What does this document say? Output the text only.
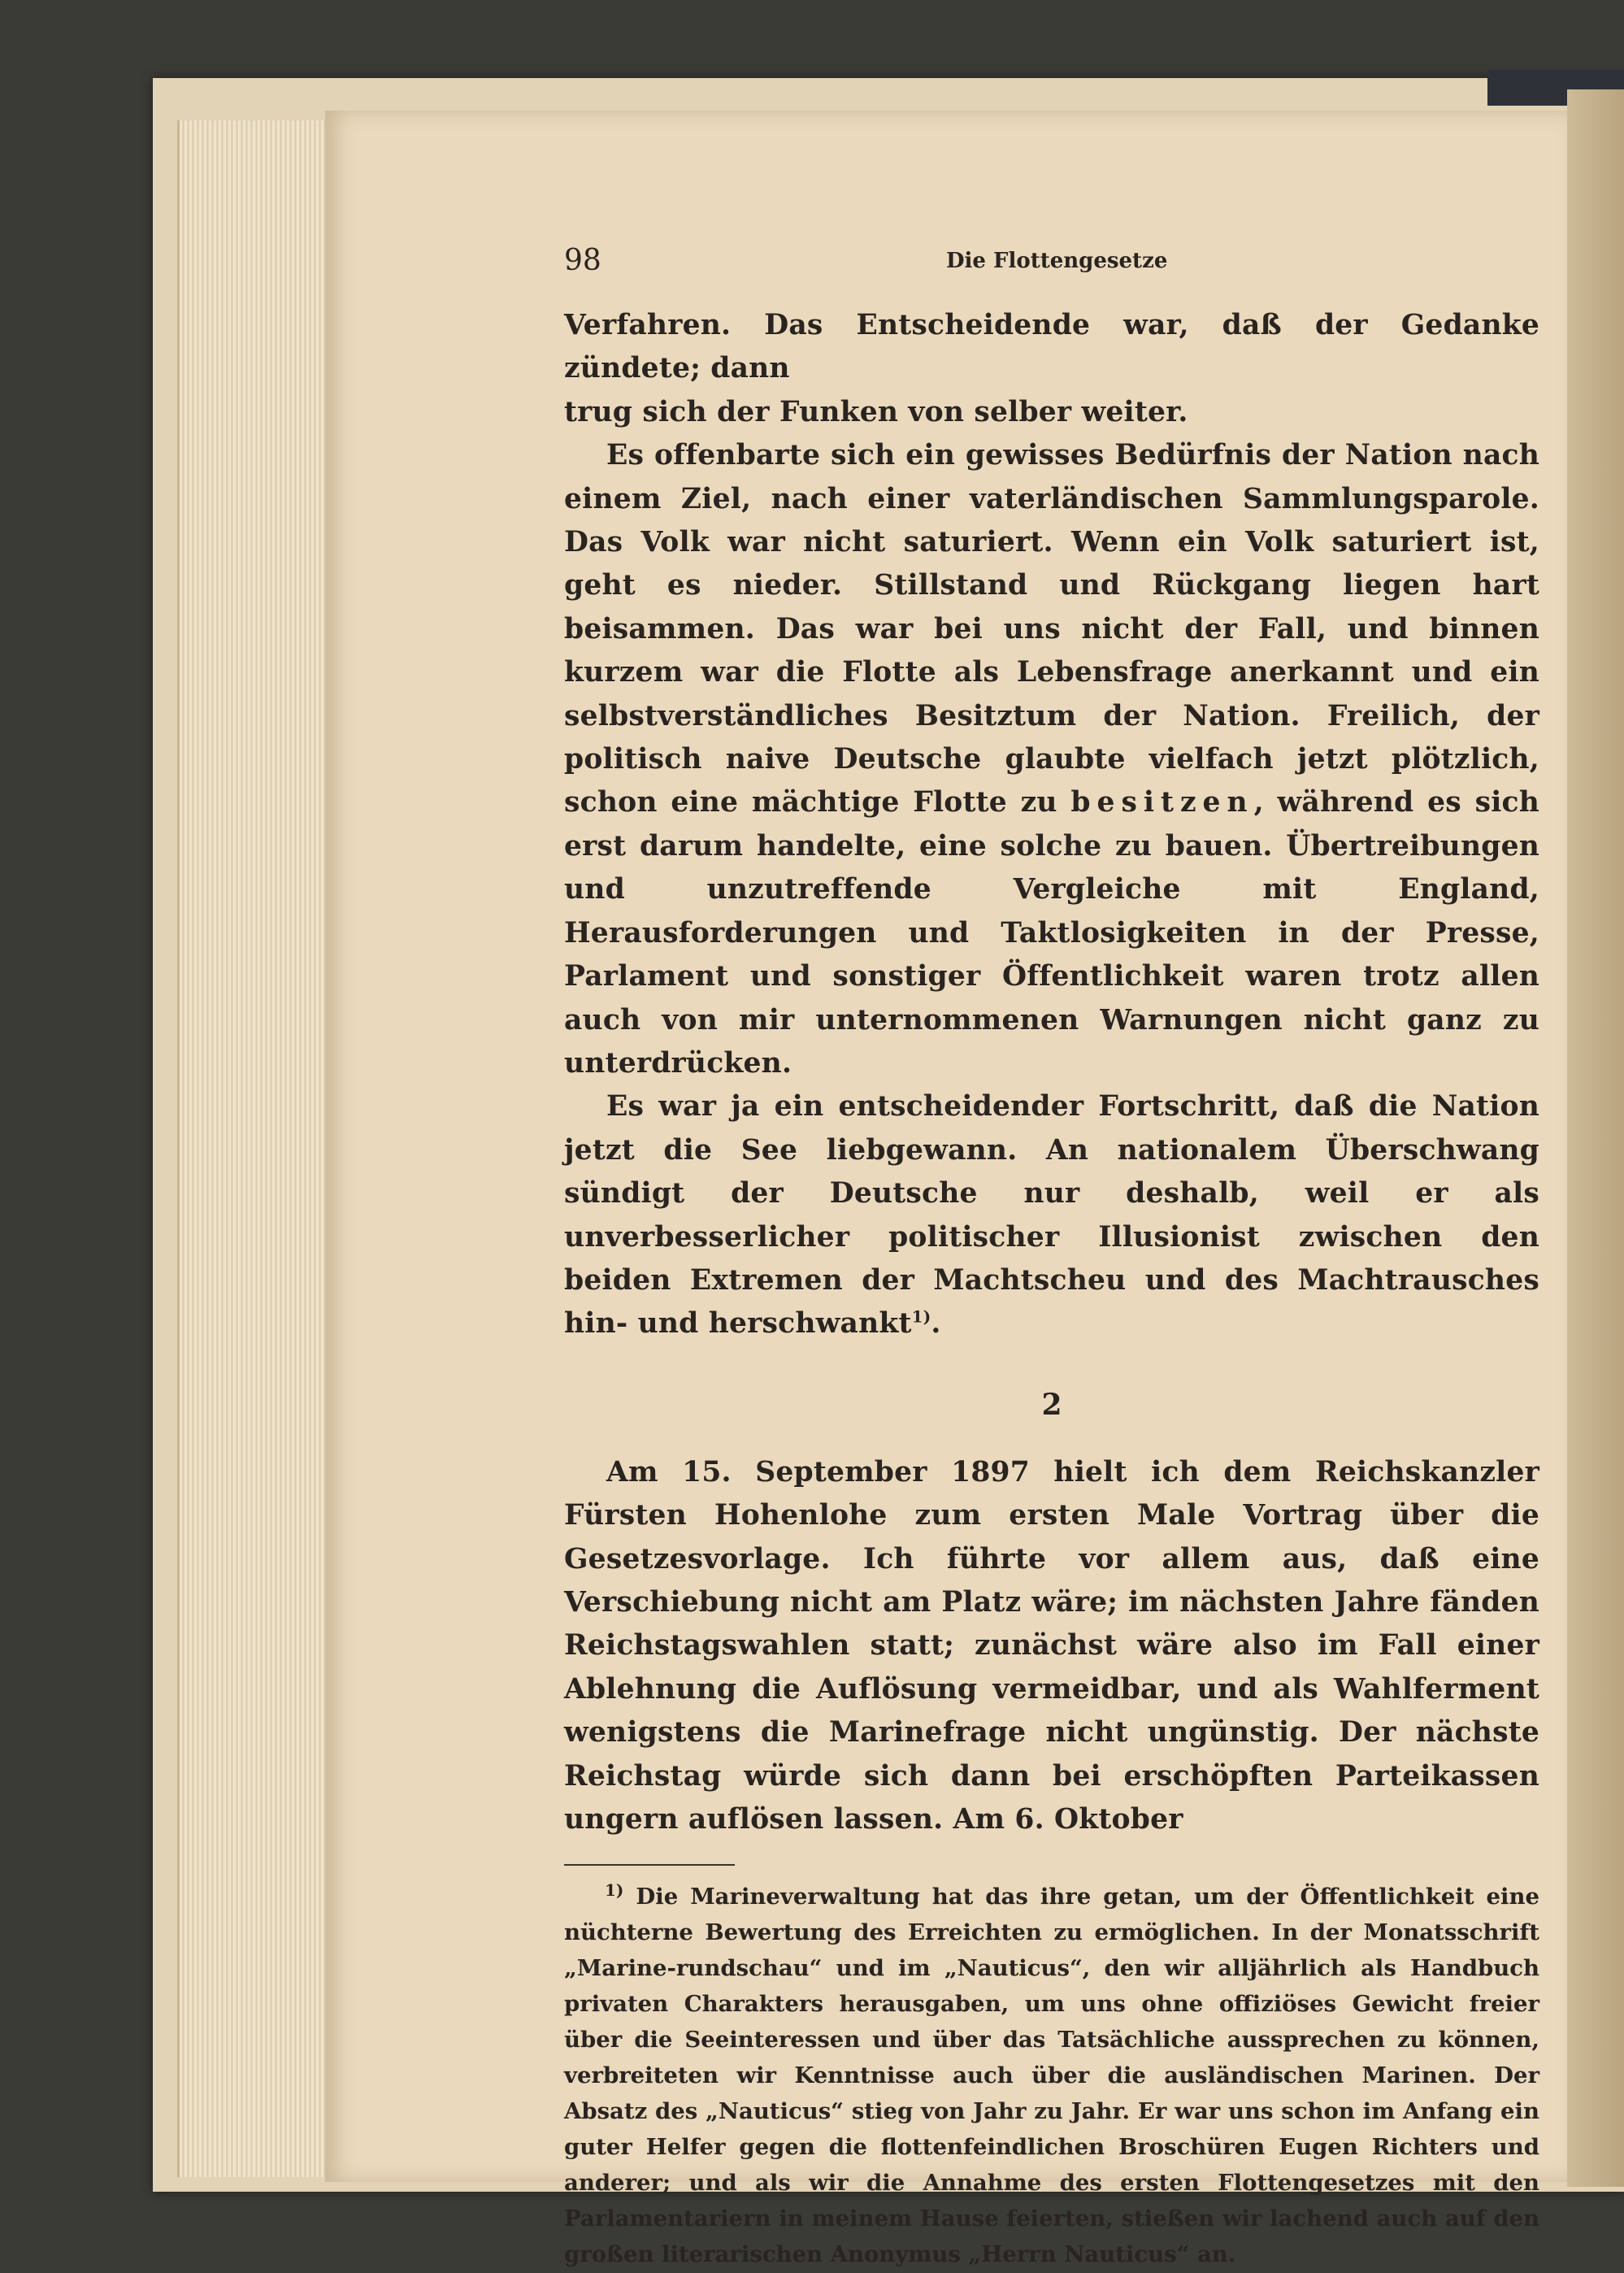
98	Die Flottengesetze

Verfahren. Das Entscheidende war, daß der Gedanke zündete; dann
trug sich der Funken von selber weiter.

Es offenbarte sich ein gewisses Bedürfnis der Nation nach einem Ziel, nach einer vaterländischen Sammlungsparole. Das Volk war nicht saturiert. Wenn ein Volk saturiert ist, geht es nieder. Stillstand und Rückgang liegen hart beisammen. Das war bei uns nicht der Fall, und binnen kurzem war die Flotte als Lebensfrage anerkannt und ein selbstverständliches Besitztum der Nation. Freilich, der politisch naive Deutsche glaubte vielfach jetzt plötzlich, schon eine mächtige Flotte zu besitzen, während es sich erst darum handelte, eine solche zu bauen. Übertreibungen und unzutreffende Vergleiche mit England, Herausforderungen und Taktlosigkeiten in der Presse, Parlament und sonstiger Öffentlichkeit waren trotz allen auch von mir unternommenen Warnungen nicht ganz zu unterdrücken.

Es war ja ein entscheidender Fortschritt, daß die Nation jetzt die See liebgewann. An nationalem Überschwang sündigt der Deutsche nur deshalb, weil er als unverbesserlicher politischer Illusionist zwischen den beiden Extremen der Machtscheu und des Machtrausches hin- und herschwankt$^{1)}$.

2

Am 15. September 1897 hielt ich dem Reichskanzler Fürsten Hohenlohe zum ersten Male Vortrag über die Gesetzesvorlage. Ich führte vor allem aus, daß eine Verschiebung nicht am Platz wäre; im nächsten Jahre fänden Reichstagswahlen statt; zunächst wäre also im Fall einer Ablehnung die Auflösung vermeidbar, und als Wahlferment wenigstens die Marinefrage nicht ungünstig. Der nächste Reichstag würde sich dann bei erschöpften Parteikassen ungern auflösen lassen. Am 6. Oktober

$^{1)}$ Die Marineverwaltung hat das ihre getan, um der Öffentlichkeit eine nüchterne Bewertung des Erreichten zu ermöglichen. In der Monatsschrift „Marine-rundschau“ und im „Nauticus“, den wir alljährlich als Handbuch privaten Charakters herausgaben, um uns ohne offiziöses Gewicht freier über die Seeinteressen und über das Tatsächliche aussprechen zu können, verbreiteten wir Kenntnisse auch über die ausländischen Marinen. Der Absatz des „Nauticus“ stieg von Jahr zu Jahr. Er war uns schon im Anfang ein guter Helfer gegen die flottenfeindlichen Broschüren Eugen Richters und anderer; und als wir die Annahme des ersten Flottengesetzes mit den Parlamentariern in meinem Hause feierten, stießen wir lachend auch auf den großen literarischen Anonymus „Herrn Nauticus“ an.
